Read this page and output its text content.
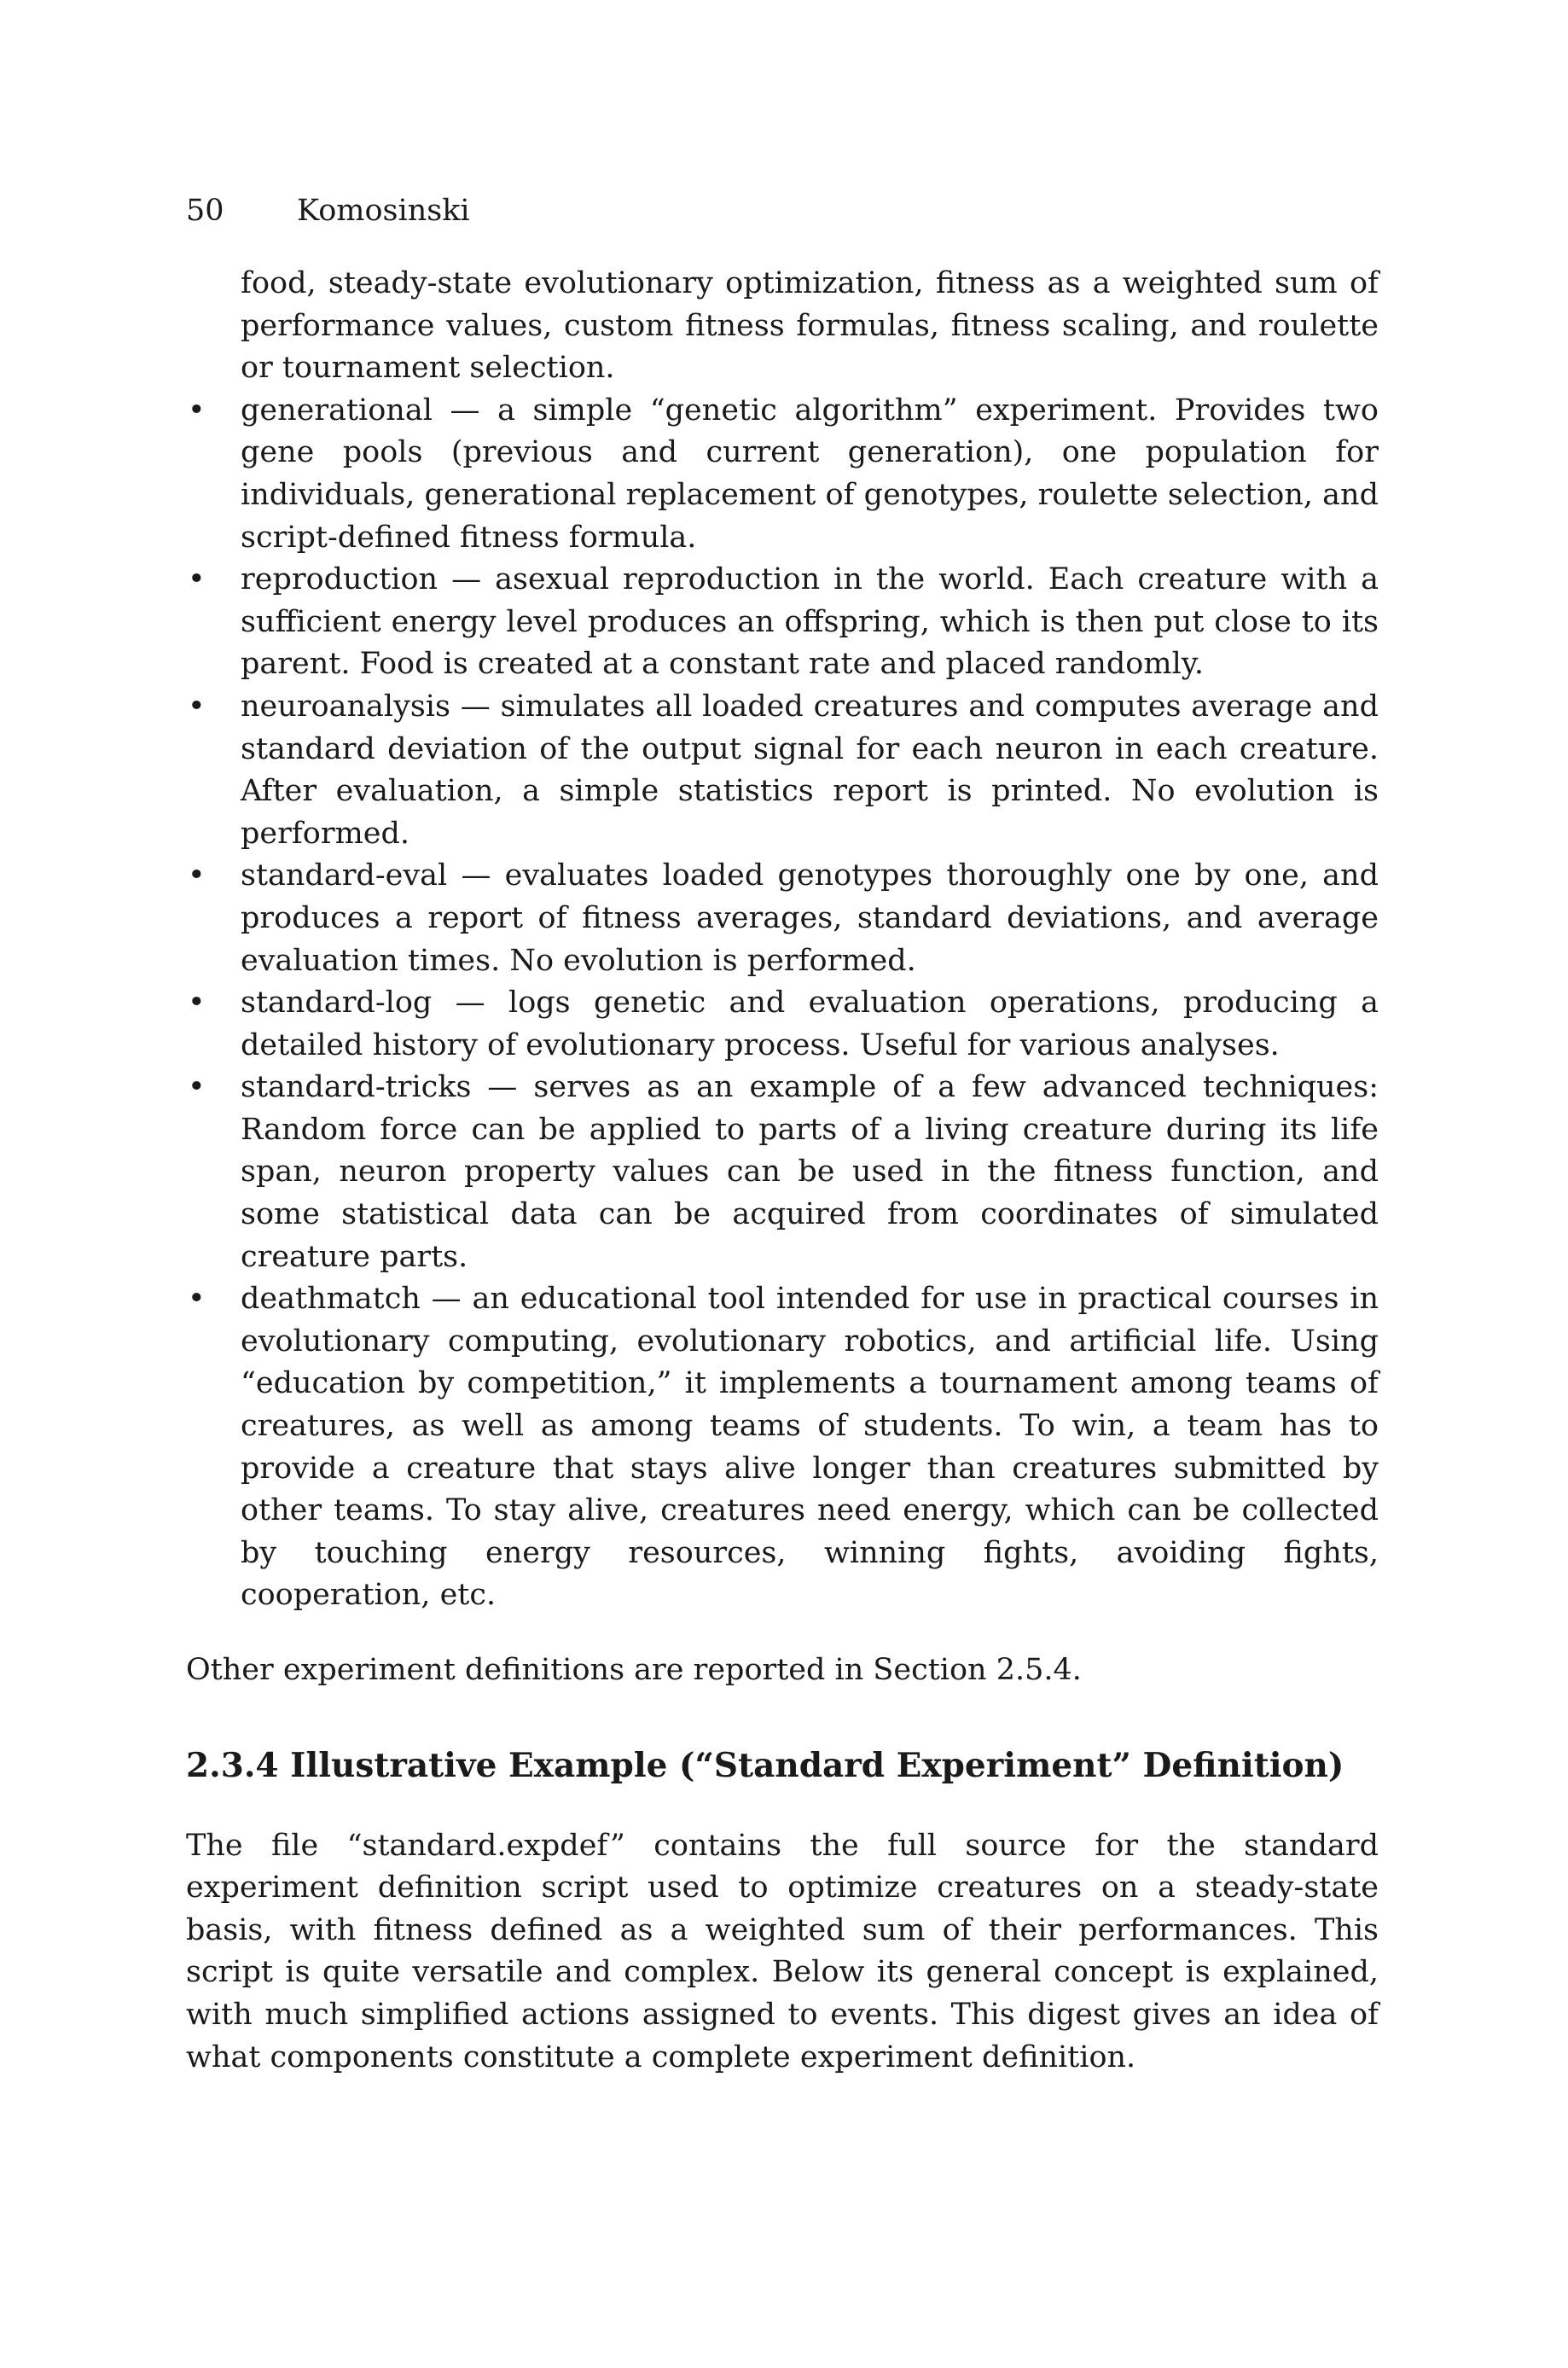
50 Komosinski

food, steady-state evolutionary optimization, fitness as a weighted sum of performance values, custom fitness formulas, fitness scaling, and roulette or tournament selection.

• generational — a simple “genetic algorithm” experiment. Provides two gene pools (previous and current generation), one population for individuals, generational replacement of genotypes, roulette selection, and script-defined fitness formula.
• reproduction — asexual reproduction in the world. Each creature with a sufficient energy level produces an offspring, which is then put close to its parent. Food is created at a constant rate and placed randomly.
• neuroanalysis — simulates all loaded creatures and computes average and standard deviation of the output signal for each neuron in each creature. After evaluation, a simple statistics report is printed. No evolution is performed.
• standard-eval — evaluates loaded genotypes thoroughly one by one, and produces a report of fitness averages, standard deviations, and average evaluation times. No evolution is performed.
• standard-log — logs genetic and evaluation operations, producing a detailed history of evolutionary process. Useful for various analyses.
• standard-tricks — serves as an example of a few advanced techniques: Random force can be applied to parts of a living creature during its life span, neuron property values can be used in the fitness function, and some statistical data can be acquired from coordinates of simulated creature parts.
• deathmatch — an educational tool intended for use in practical courses in evolutionary computing, evolutionary robotics, and artificial life. Using “education by competition,” it implements a tournament among teams of creatures, as well as among teams of students. To win, a team has to provide a creature that stays alive longer than creatures submitted by other teams. To stay alive, creatures need energy, which can be collected by touching energy resources, winning fights, avoiding fights, cooperation, etc.

Other experiment definitions are reported in Section 2.5.4.

2.3.4 Illustrative Example (“Standard Experiment” Definition)

The file “standard.expdef” contains the full source for the standard experiment definition script used to optimize creatures on a steady-state basis, with fitness defined as a weighted sum of their performances. This script is quite versatile and complex. Below its general concept is explained, with much simplified actions assigned to events. This digest gives an idea of what components constitute a complete experiment definition.
